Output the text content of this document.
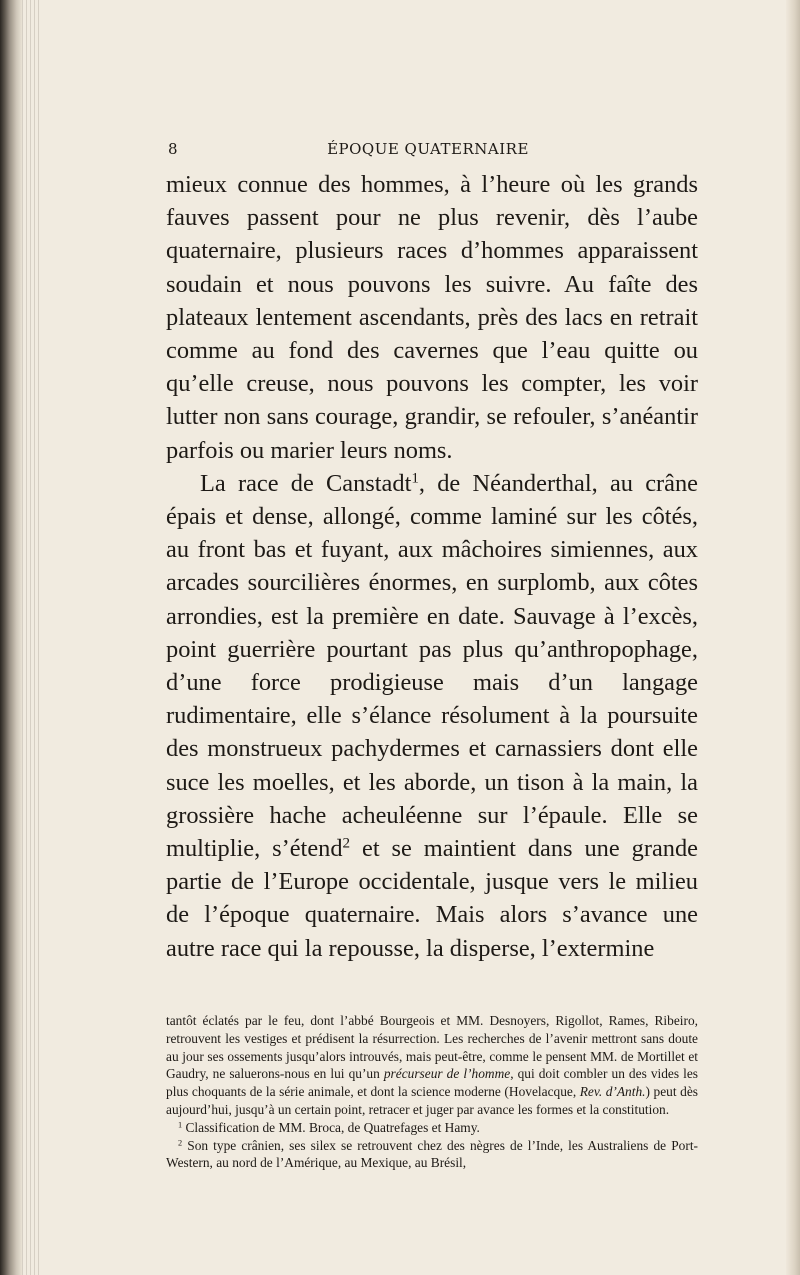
ÉPOQUE QUATERNAIRE
8

mieux connue des hommes, à l’heure où les grands fauves passent pour ne plus revenir, dès l’aube quaternaire, plusieurs races d’hommes apparaissent soudain et nous pouvons les suivre. Au faîte des plateaux lentement ascendants, près des lacs en retrait comme au fond des cavernes que l’eau quitte ou qu’elle creuse, nous pouvons les compter, les voir lutter non sans courage, grandir, se refouler, s’anéantir parfois ou marier leurs noms.

La race de Canstadt$^1$, de Néanderthal, au crâne épais et dense, allongé, comme laminé sur les côtés, au front bas et fuyant, aux mâchoires simiennes, aux arcades sourcilières énormes, en surplomb, aux côtes arrondies, est la première en date. Sauvage à l’excès, point guerrière pourtant pas plus qu’anthropophage, d’une force prodigieuse mais d’un langage rudimentaire, elle s’élance résolument à la poursuite des monstrueux pachydermes et carnassiers dont elle suce les moelles, et les aborde, un tison à la main, la grossière hache acheuléenne sur l’épaule. Elle se multiplie, s’étend$^2$ et se maintient dans une grande partie de l’Europe occidentale, jusque vers le milieu de l’époque quaternaire. Mais alors s’avance une autre race qui la repousse, la disperse, l’extermine

tantôt éclatés par le feu, dont l’abbé Bourgeois et MM. Desnoyers, Rigollot, Rames, Ribeiro, retrouvent les vestiges et prédisent la résurrection. Les recherches de l’avenir mettront sans doute au jour ses ossements jusqu’alors introuvés, mais peut-être, comme le pensent MM. de Mortillet et Gaudry, ne saluerons-nous en lui qu’un précurseur de l’homme, qui doit combler un des vides les plus choquants de la série animale, et dont la science moderne (Hovelacque, Rev. d’Anth.) peut dès aujourd’hui, jusqu’à un certain point, retracer et juger par avance les formes et la constitution.

$^1$ Classification de MM. Broca, de Quatrefages et Hamy.

$^2$ Son type crânien, ses silex se retrouvent chez des nègres de l’Inde, les Australiens de Port-Western, au nord de l’Amérique, au Mexique, au Brésil,
